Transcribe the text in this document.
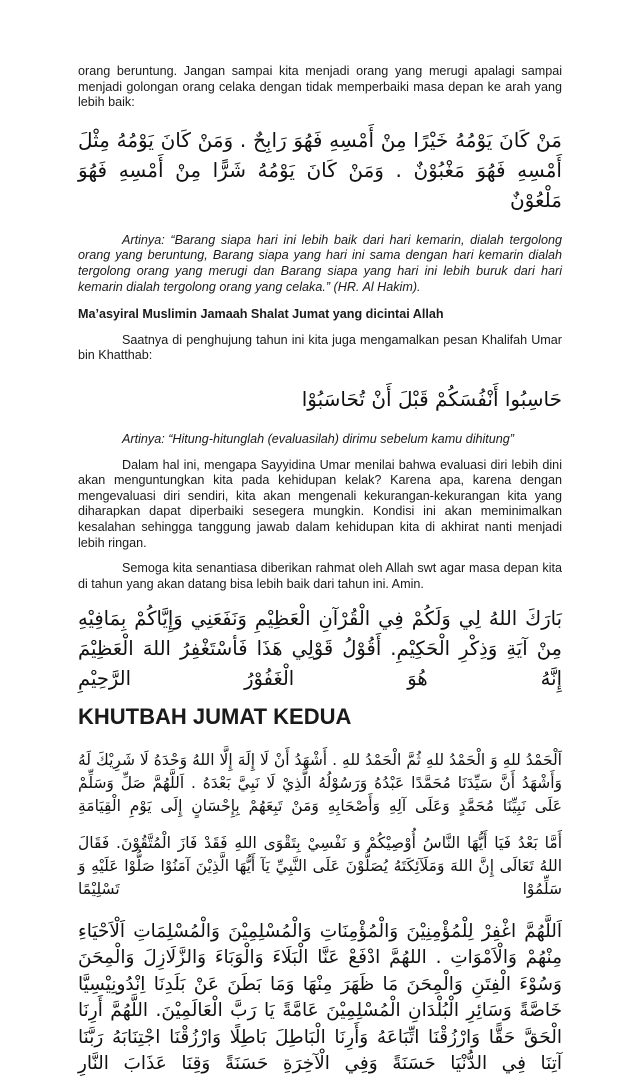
orang beruntung. Jangan sampai kita menjadi orang yang merugi apalagi sampai menjadi golongan orang celaka dengan tidak memperbaiki masa depan ke arah yang lebih baik:

مَنْ كَانَ يَوْمُهُ خَيْرًا مِنْ أَمْسِهِ فَهُوَ رَابِحٌ . وَمَنْ كَانَ يَوْمُهُ مِثْلَ أَمْسِهِ فَهُوَ مَغْبُوْنٌ . وَمَنْ كَانَ يَوْمُهُ شَرًّا مِنْ أَمْسِهِ فَهُوَ مَلْعُوْنٌ

Artinya: “Barang siapa hari ini lebih baik dari hari kemarin, dialah tergolong orang yang beruntung, Barang siapa yang hari ini sama dengan hari kemarin dialah tergolong orang yang merugi dan Barang siapa yang hari ini lebih buruk dari hari kemarin dialah tergolong orang yang celaka.” (HR. Al Hakim).

Ma’asyiral Muslimin Jamaah Shalat Jumat yang dicintai Allah

Saatnya di penghujung tahun ini kita juga mengamalkan pesan Khalifah Umar bin Khatthab:

حَاسِبُوا أَنْفُسَكُمْ قَبْلَ أَنْ تُحَاسَبُوْا

Artinya: “Hitung-hitunglah (evaluasilah) dirimu sebelum kamu dihitung”

Dalam hal ini, mengapa Sayyidina Umar menilai bahwa evaluasi diri lebih dini akan menguntungkan kita pada kehidupan kelak? Karena apa, karena dengan mengevaluasi diri sendiri, kita akan mengenali kekurangan-kekurangan kita yang diharapkan dapat diperbaiki sesegera mungkin. Kondisi ini akan meminimalkan kesalahan sehingga tanggung jawab dalam kehidupan kita di akhirat nanti menjadi lebih ringan.

Semoga kita senantiasa diberikan rahmat oleh Allah swt agar masa depan kita di tahun yang akan datang bisa lebih baik dari tahun ini. Amin.

بَارَكَ اللهُ لِي وَلَكُمْ فِي الْقُرْآنِ الْعَظِيْمِ وَنَفَعَنِي وَإِيَّاكُمْ بِمَافِيْهِ مِنْ آيَةِ وَذِكْرِ الْحَكِيْمِ. أَقُوْلُ قَوْلِي هَذَا فَأسْتَغْفِرُ اللهَ الْعَظِيْمَ إِنَّهُ هُوَ الْغَفُوْرُ الرَّحِيْمِ

KHUTBAH JUMAT KEDUA

اَلْحَمْدُ للهِ وَ الْحَمْدُ للهِ ثُمَّ الْحَمْدُ للهِ . أَشْهَدُ أَنْ لَا إِلَهَ إِلَّا اللهُ وَحْدَهُ لَا شَرِيْكَ لَهُ وَأَشْهَدُ أَنَّ سَيِّدَنَا مُحَمَّدًا عَبْدُهُ وَرَسُوْلُهُ الَّذِيْ لَا نَبِيَّ بَعْدَهُ . اَللَّهُمَّ صَلِّ وَسَلِّمْ عَلَى نَبِيِّنَا مُحَمَّدٍ وَعَلَى آلِهِ وَأَصْحَابِهِ وَمَنْ تَبِعَهُمْ بِإِحْسَانٍ إِلَى يَوْمِ الْقِيَامَةِ

أَمَّا بَعْدُ فَيَا أَيُّهَا النَّاسُ أُوْصِيْكُمْ وَ نَفْسِيْ بِتَقْوَى اللهِ فَقَدْ فَازَ الْمُتَّقُوْنَ. فَقَالَ اللهُ تَعَالَى إِنَّ اللهَ وَمَلَآئِكَتَهُ يُصَلُّوْنَ عَلَى النَّبِيِّ يَآ أَيُّهَا الَّذِيْنَ آمَنُوْا صَلُّوْا عَلَيْهِ وَ سَلِّمُوْا تَسْلِيْمًا

اَللَّهُمَّ اغْفِرْ لِلْمُؤْمِنِيْنَ وَالْمُؤْمِنَاتِ وَالْمُسْلِمِيْنَ وَالْمُسْلِمَاتِ اَلْاَحْيَاءِ مِنْهُمْ وَالْاَمْوَاتِ . اللهُمَّ ادْفَعْ عَنَّا الْبَلَاءَ وَالْوَبَاءَ وَالزَّلَازِلَ وَالْمِحَنَ وَسُوْءَ الْفِتَنِ وَالْمِحَنَ مَا ظَهَرَ مِنْهَا وَمَا بَطَنَ عَنْ بَلَدِنَا اِنْدُونِيْسِيَّا خَاصَّةً وَسَائِرِ الْبُلْدَانِ الْمُسْلِمِيْنَ عَامَّةً يَا رَبَّ الْعَالَمِيْنَ. اللَّهُمَّ أَرِنَا الْحَقَّ حَقًّا وَارْزُقْنَا اتِّبَاعَهُ وَأَرِنَا الْبَاطِلَ بَاطِلًا وَارْزُقْنَا اجْتِنَابَهُ رَبَّنَا آتِنَا فِي الدُّنْيَا حَسَنَةً وَفِي الْآخِرَةِ حَسَنَةً وَقِنَا عَذَابَ النَّارِ
